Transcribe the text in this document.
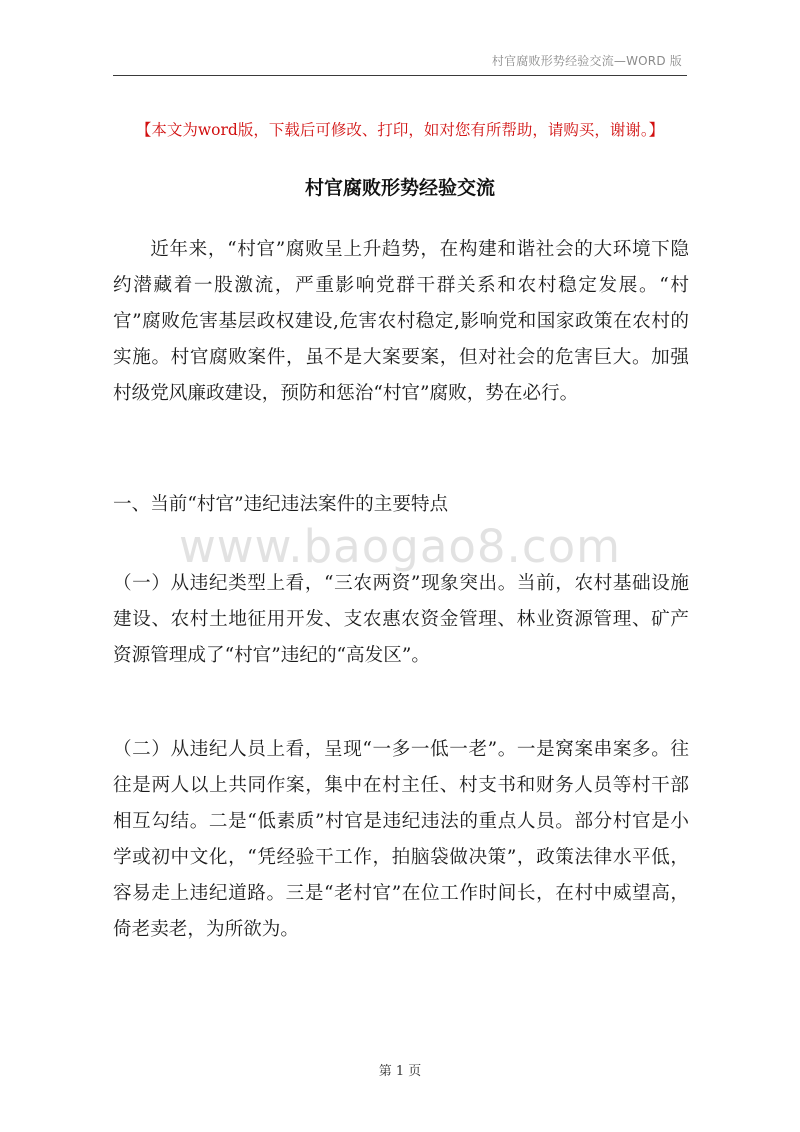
村官腐败形势经验交流—WORD 版
【本文为word版，下载后可修改、打印，如对您有所帮助，请购买，谢谢。】
村官腐败形势经验交流

近年来，“村官”腐败呈上升趋势，在构建和谐社会的大环境下隐约潜藏着一股激流，严重影响党群干群关系和农村稳定发展。“村官”腐败危害基层政权建设,危害农村稳定,影响党和国家政策在农村的实施。村官腐败案件，虽不是大案要案，但对社会的危害巨大。加强村级党风廉政建设，预防和惩治“村官”腐败，势在必行。

一、当前“村官”违纪违法案件的主要特点

www.baogao8.com

（一）从违纪类型上看，“三农两资”现象突出。当前，农村基础设施建设、农村土地征用开发、支农惠农资金管理、林业资源管理、矿产资源管理成了“村官”违纪的“高发区”。

（二）从违纪人员上看，呈现“一多一低一老”。一是窝案串案多。往往是两人以上共同作案，集中在村主任、村支书和财务人员等村干部相互勾结。二是“低素质”村官是违纪违法的重点人员。部分村官是小学或初中文化，“凭经验干工作，拍脑袋做决策”，政策法律水平低，容易走上违纪道路。三是“老村官”在位工作时间长，在村中威望高，倚老卖老，为所欲为。

第 1 页
